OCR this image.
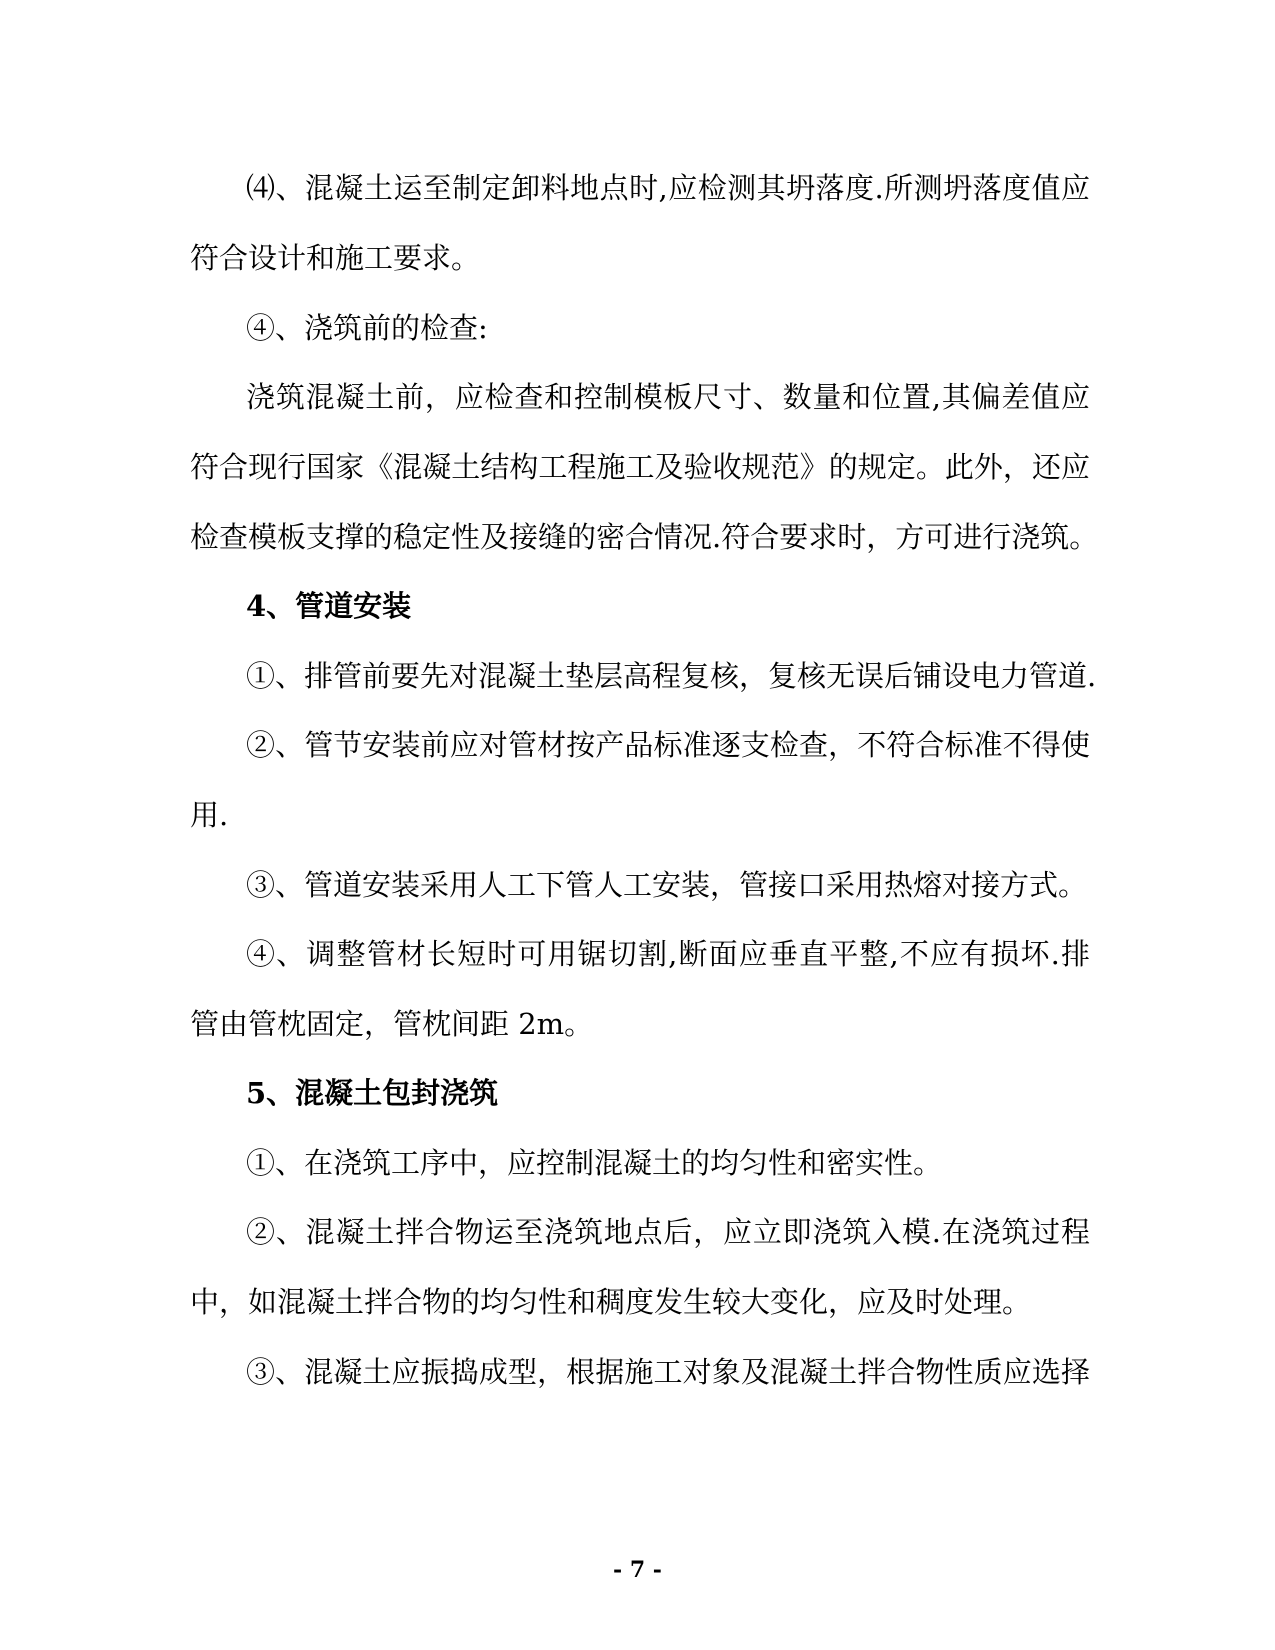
⑷、混凝土运至制定卸料地点时,应检测其坍落度.所测坍落度值应
符合设计和施工要求。
④、浇筑前的检查:
浇筑混凝土前，应检查和控制模板尺寸、数量和位置,其偏差值应
符合现行国家《混凝土结构工程施工及验收规范》的规定。此外，还应
检查模板支撑的稳定性及接缝的密合情况.符合要求时，方可进行浇筑。
4、管道安装
①、排管前要先对混凝土垫层高程复核，复核无误后铺设电力管道.
②、管节安装前应对管材按产品标准逐支检查，不符合标准不得使
用.
③、管道安装采用人工下管人工安装，管接口采用热熔对接方式。
④、调整管材长短时可用锯切割,断面应垂直平整,不应有损坏.排
管由管枕固定，管枕间距 2m。
5、混凝土包封浇筑
①、在浇筑工序中，应控制混凝土的均匀性和密实性。
②、混凝土拌合物运至浇筑地点后，应立即浇筑入模.在浇筑过程
中，如混凝土拌合物的均匀性和稠度发生较大变化，应及时处理。
③、混凝土应振捣成型，根据施工对象及混凝土拌合物性质应选择
- 7 -
